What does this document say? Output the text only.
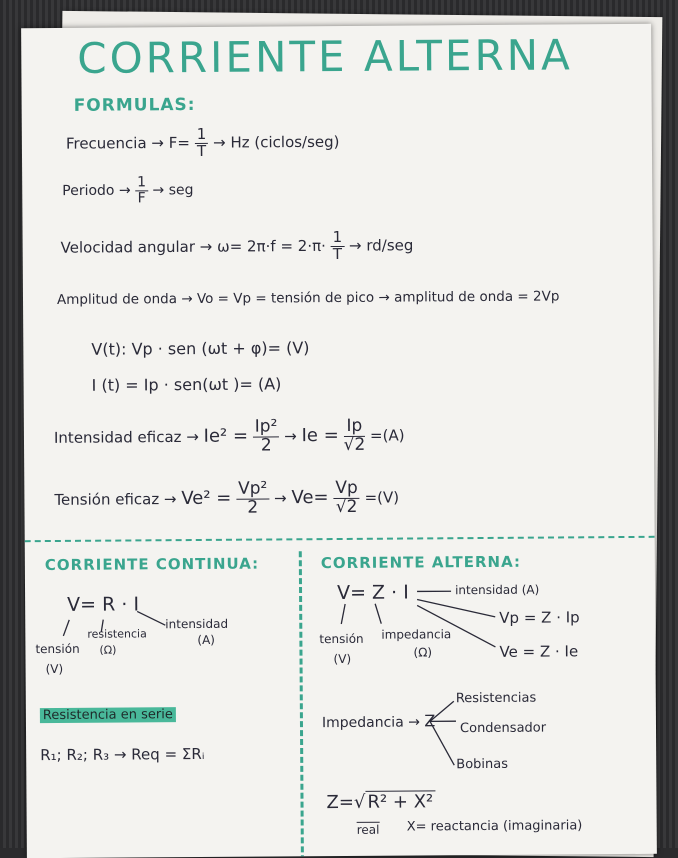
CORRIENTE ALTERNA
FORMULAS:
Frecuencia → $F= \frac{1}{T} \to Hz$ (ciclos/seg)
Periodo → $\frac{1}{F}$ → seg
Velocidad angular → $\omega= 2\pi\cdot f = 2\cdot\pi\cdot \frac{1}{T} \to rd/seg$
Amplitud de onda → Vo = Vp = tensión de pico → amplitud de onda = 2Vp
V(t): Vp · sen (ωt + φ)= (V)
I (t) = Ip · sen(ωt )= (A)
Intensidad eficaz → $Ie^2 = \frac{\text{Ip²}}{2} \to Ie = \frac{Ip}{√2} =(A)$
Tensión eficaz → $Ve^2 = \frac{\text{Vp²}}{2} \to Ve= \frac{Vp}{√2} =(V)$
CORRIENTE CONTINUA:
V= R · I
tensión
(V)
resistencia
(Ω)
intensidad
(A)
Resistencia en serie
R₁; R₂; R₃ → Req = ΣRᵢ
CORRIENTE ALTERNA:
V= Z · I	intensidad (A)
Vp = Z · Ip
Ve = Z · Ie
tensión
(V)
impedancia
(Ω)
Impedancia → Z
Resistencias
Condensador
Bobinas
Z=√ R² + X²
real X= reactancia (imaginaria)
